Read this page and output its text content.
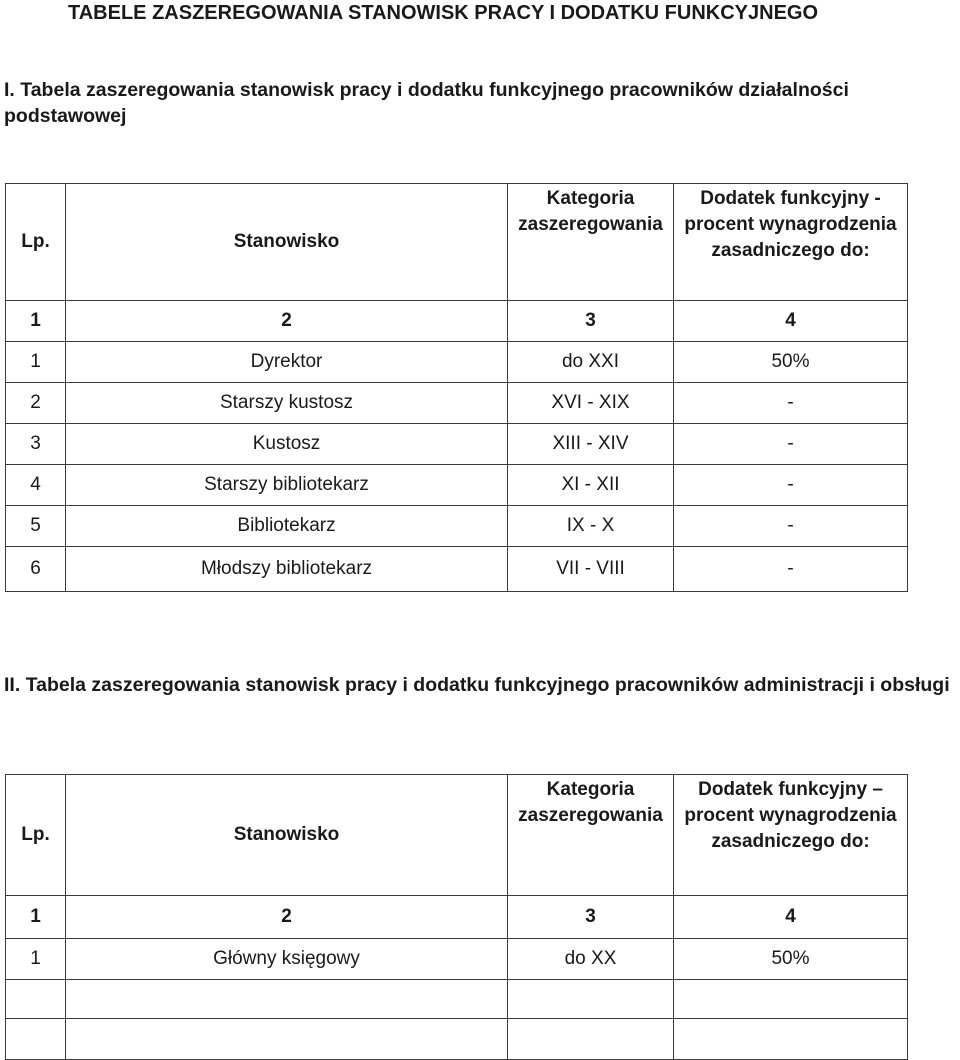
TABELE ZASZEREGOWANIA STANOWISK PRACY I DODATKU FUNKCYJNEGO
I. Tabela zaszeregowania stanowisk pracy i dodatku funkcyjnego pracowników działalności podstawowej
Lp.	Stanowisko	Kategoria zaszeregowania	Dodatek funkcyjny - procent wynagrodzenia zasadniczego do:
1	2	3	4
1	Dyrektor	do XXI	50%
2	Starszy kustosz	XVI - XIX	-
3	Kustosz	XIII - XIV	-
4	Starszy bibliotekarz	XI - XII	-
5	Bibliotekarz	IX - X	-
6	Młodszy bibliotekarz	VII - VIII	-
II. Tabela zaszeregowania stanowisk pracy i dodatku funkcyjnego pracowników administracji i obsługi
Lp.	Stanowisko	Kategoria zaszeregowania	Dodatek funkcyjny – procent wynagrodzenia zasadniczego do:
1	2	3	4
1	Główny księgowy	do XX	50%
